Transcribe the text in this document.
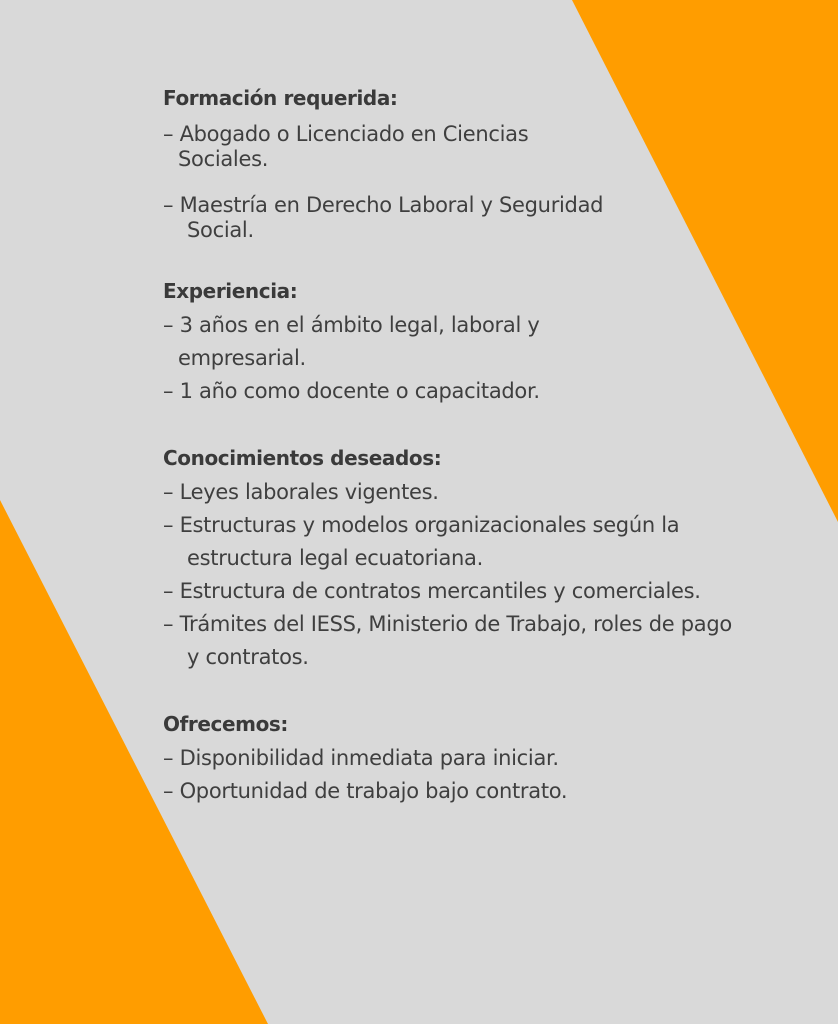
Formación requerida:
– Abogado o Licenciado en Ciencias
Sociales.
– Maestría en Derecho Laboral y Seguridad
Social.
Experiencia:
– 3 años en el ámbito legal, laboral y
empresarial.
– 1 año como docente o capacitador.
Conocimientos deseados:
– Leyes laborales vigentes.
– Estructuras y modelos organizacionales según la
estructura legal ecuatoriana.
– Estructura de contratos mercantiles y comerciales.
– Trámites del IESS, Ministerio de Trabajo, roles de pago
y contratos.
Ofrecemos:
– Disponibilidad inmediata para iniciar.
– Oportunidad de trabajo bajo contrato.
